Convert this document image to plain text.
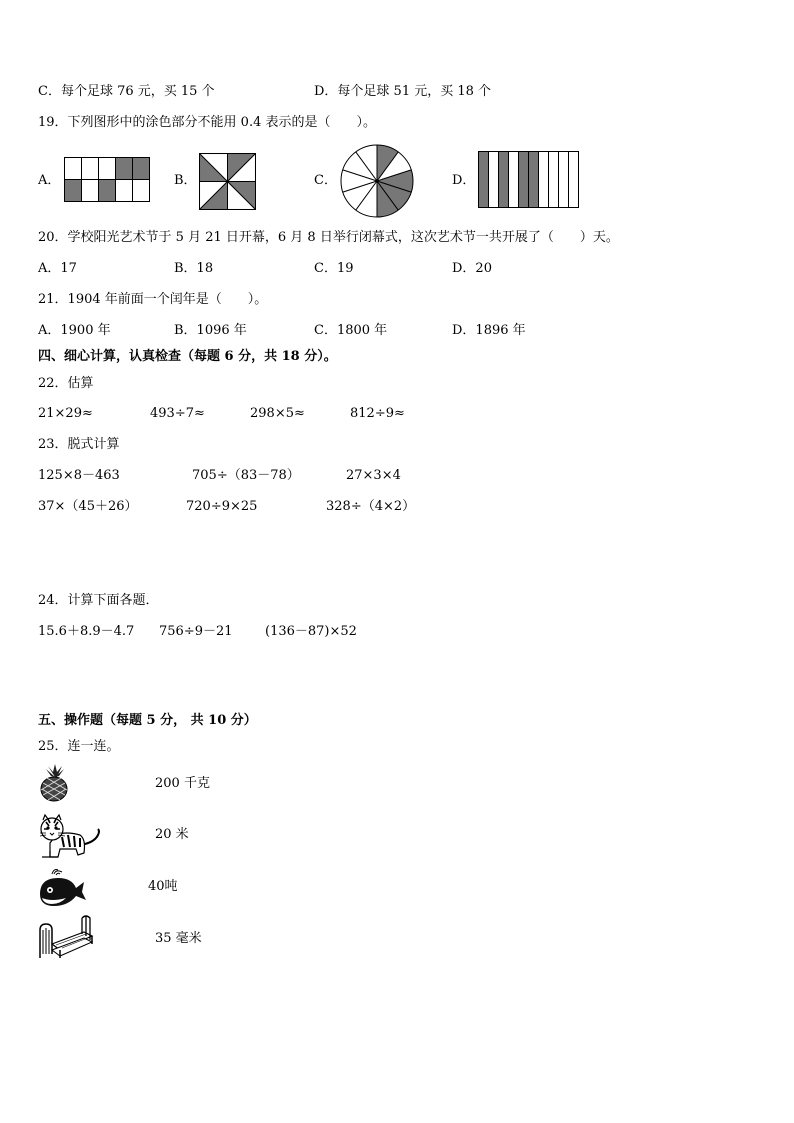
C．每个足球 76 元，买 15 个	D．每个足球 51 元，买 18 个
19．下列图形中的涂色部分不能用 0.4 表示的是（　　）。
A．	B．	C．	D．
20．学校阳光艺术节于 5 月 21 日开幕，6 月 8 日举行闭幕式，这次艺术节一共开展了（　　）天。
A．17	B．18	C．19	D．20
21．1904 年前面一个闰年是（　　）。
A．1900 年	B．1096 年	C．1800 年	D．1896 年
四、细心计算，认真检查（每题 6 分，共 18 分）。
22．估算
21×29≈	493÷7≈	298×5≈	812÷9≈
23．脱式计算
125×8－463	705÷（83－78）	27×3×4
37×（45＋26）	720÷9×25	328÷（4×2）
24．计算下面各题．
15.6＋8.9－4.7 756÷9－21 (136－87)×52
五、操作题（每题 5 分， 共 10 分）
25．连一连。
200 千克
20 米
40吨
35 毫米
